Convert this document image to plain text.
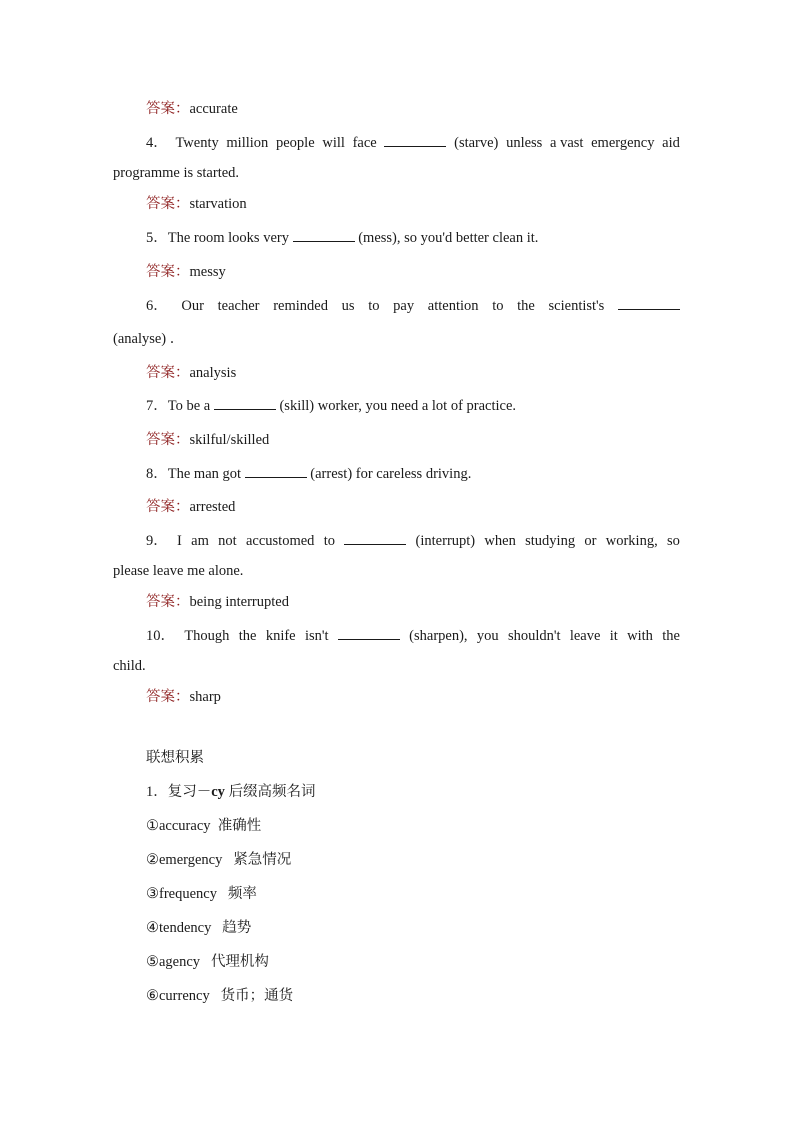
答案：accurate
4． Twenty million people will face	(starve) unless a vast emergency aid
programme is started.
答案：starvation
5．The room looks very	(mess), so you'd better clean it.
答案：messy
6． Our teacher reminded us to pay attention to the scientist's
(analyse) ．
答案：analysis
7．To be a	(skill) worker, you need a lot of practice.
答案：skilful/skilled
8．The man got	(arrest) for careless driving.
答案：arrested
9． I am not accustomed to	(interrupt) when studying or working, so
please leave me alone.
答案：being interrupted
10． Though the knife isn't	(sharpen), you shouldn't leave it with the
child.
答案：sharp
联想积累
1．复习－cy 后缀高频名词
①accuracy 准确性
②emergency 紧急情况
③frequency 频率
④tendency 趋势
⑤agency 代理机构
⑥currency 货币；通货
